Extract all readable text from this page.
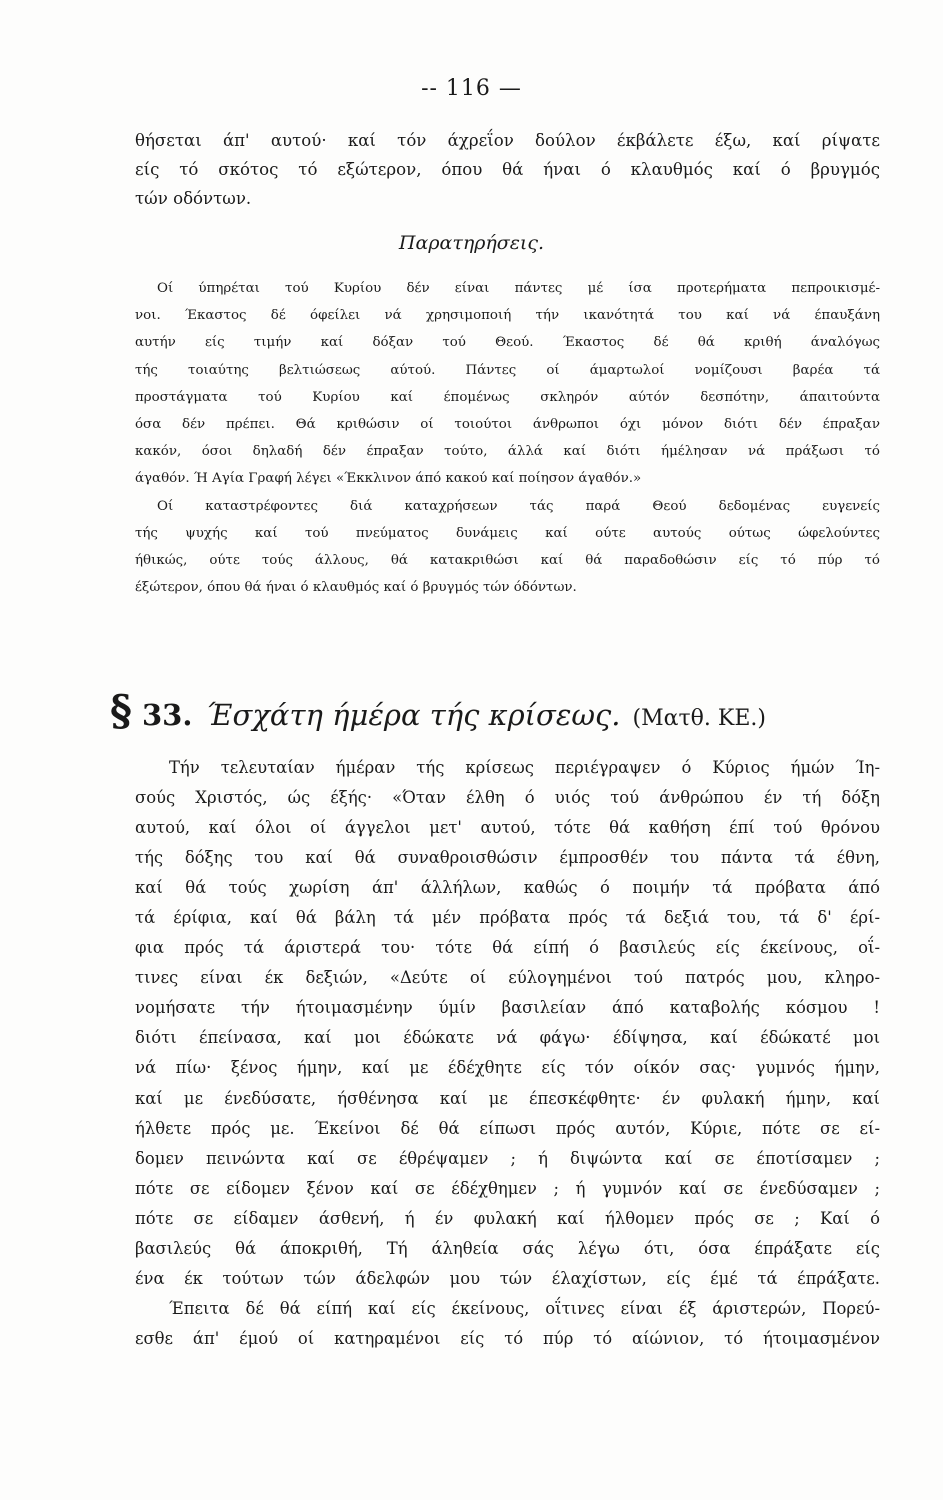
-- 116 —
θήσεται άπ' αυτού· καί τόν άχρεΐον δούλον έκβάλετε έξω, καί ρίψατε
είς τό σκότος τό εξώτερον, όπου θά ήναι ό κλαυθμός καί ό βρυγμός
τών οδόντων.
Παρατηρήσεις.
Οί ύπηρέται τού Κυρίου δέν είναι πάντες μέ ίσα προτερήματα πεπροικισμέ-
νοι. Έκαστος δέ όφείλει νά χρησιμοποιή τήν ικανότητά του καί νά έπαυξάνη
αυτήν είς τιμήν καί δόξαν τού Θεού. Έκαστος δέ θά κριθή άναλόγως
τής τοιαύτης βελτιώσεως αύτού. Πάντες οί άμαρτωλοί νομίζουσι βαρέα τά
προστάγματα τού Κυρίου καί έπομένως σκληρόν αύτόν δεσπότην, άπαιτούντα
όσα δέν πρέπει. Θά κριθώσιν οί τοιούτοι άνθρωποι όχι μόνον διότι δέν έπραξαν
κακόν, όσοι δηλαδή δέν έπραξαν τούτο, άλλά καί διότι ήμέλησαν νά πράξωσι τό
άγαθόν. Ή Αγία Γραφή λέγει «Έκκλινον άπό κακού καί ποίησον άγαθόν.»
Οί καταστρέφοντες διά καταχρήσεων τάς παρά Θεού δεδομένας ευγενείς
τής ψυχής καί τού πνεύματος δυνάμεις καί ούτε αυτούς ούτως ώφελούντες
ήθικώς, ούτε τούς άλλους, θά κατακριθώσι καί θά παραδοθώσιν είς τό πύρ τό
έξώτερον, όπου θά ήναι ό κλαυθμός καί ό βρυγμός τών όδόντων.
§ 33. Έσχάτη ήμέρα τής κρίσεως. (Ματθ. ΚΕ.)
Τήν τελευταίαν ήμέραν τής κρίσεως περιέγραψεν ό Κύριος ήμών Ίη-
σούς Χριστός, ώς έξής· «Όταν έλθη ό υιός τού άνθρώπου έν τή δόξη
αυτού, καί όλοι οί άγγελοι μετ' αυτού, τότε θά καθήση έπί τού θρόνου
τής δόξης του καί θά συναθροισθώσιν έμπροσθέν του πάντα τά έθνη,
καί θά τούς χωρίση άπ' άλλήλων, καθώς ό ποιμήν τά πρόβατα άπό
τά έρίφια, καί θά βάλη τά μέν πρόβατα πρός τά δεξιά του, τά δ' έρί-
φια πρός τά άριστερά του· τότε θά είπή ό βασιλεύς είς έκείνους, οΐ-
τινες είναι έκ δεξιών, «Δεύτε οί εύλογημένοι τού πατρός μου, κληρο-
νομήσατε τήν ήτοιμασμένην ύμίν βασιλείαν άπό καταβολής κόσμου !
διότι έπείνασα, καί μοι έδώκατε νά φάγω· έδίψησα, καί έδώκατέ μοι
νά πίω· ξένος ήμην, καί με έδέχθητε είς τόν οίκόν σας· γυμνός ήμην,
καί με ένεδύσατε, ήσθένησα καί με έπεσκέφθητε· έν φυλακή ήμην, καί
ήλθετε πρός με. Έκείνοι δέ θά είπωσι πρός αυτόν, Κύριε, πότε σε εί-
δομεν πεινώντα καί σε έθρέψαμεν ; ή διψώντα καί σε έποτίσαμεν ;
πότε σε είδομεν ξένον καί σε έδέχθημεν ; ή γυμνόν καί σε ένεδύσαμεν ;
πότε σε είδαμεν άσθενή, ή έν φυλακή καί ήλθομεν πρός σε ; Καί ό
βασιλεύς θά άποκριθή, Τή άληθεία σάς λέγω ότι, όσα έπράξατε είς
ένα έκ τούτων τών άδελφών μου τών έλαχίστων, είς έμέ τά έπράξατε.
Έπειτα δέ θά είπή καί είς έκείνους, οΐτινες είναι έξ άριστερών, Πορεύ-
εσθε άπ' έμού οί κατηραμένοι είς τό πύρ τό αίώνιον, τό ήτοιμασμένον
